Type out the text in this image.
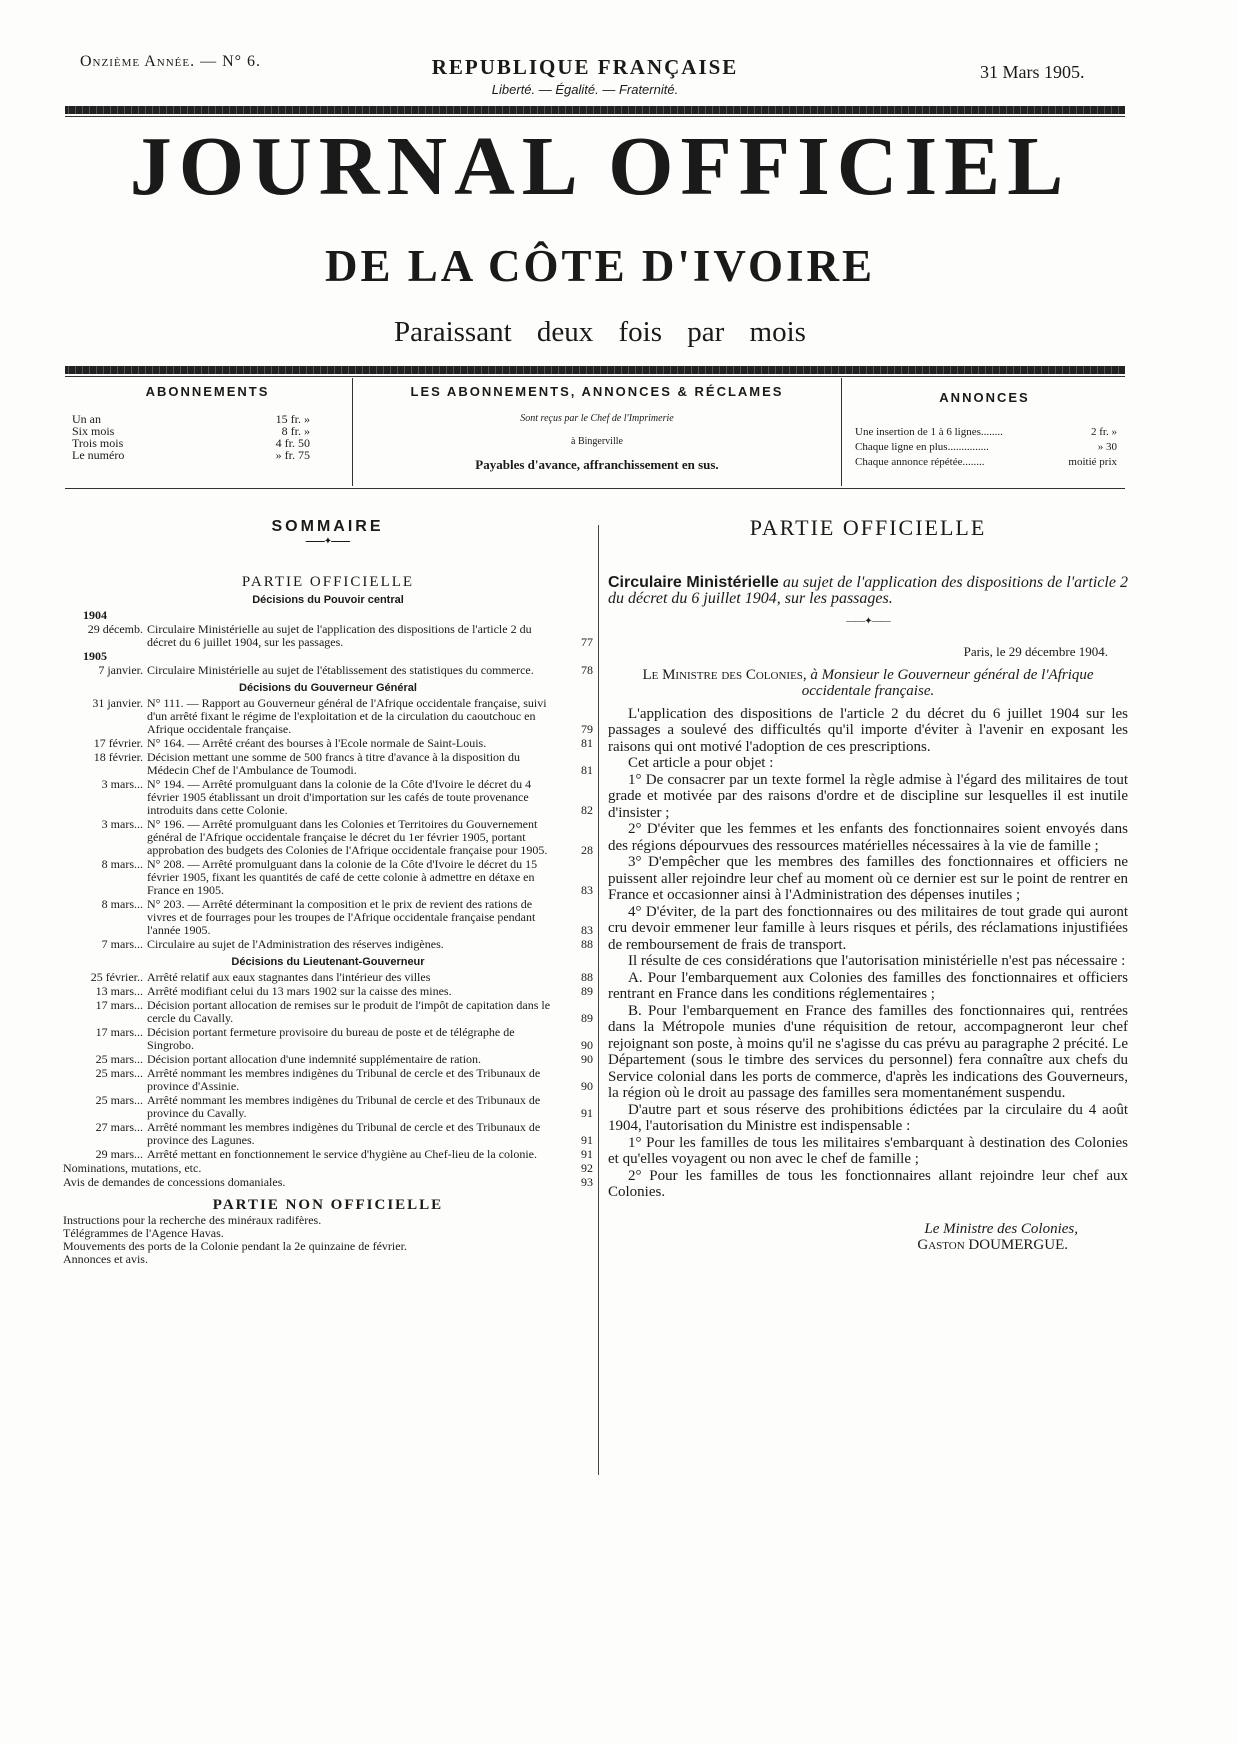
Onzième Année. — N° 6.	REPUBLIQUE FRANÇAISE
Liberté. — Égalité. — Fraternité.
31 Mars 1905.
JOURNAL OFFICIEL
DE LA CÔTE D'IVOIRE
Paraissant deux fois par mois
ABONNEMENTS
Un an	15 fr. »
Six mois	8 fr. »
Trois mois	4 fr. 50
Le numéro	» fr. 75
LES ABONNEMENTS, ANNONCES & RÉCLAMES
Sont reçus par le Chef de l'Imprimerie
à Bingerville
Payables d'avance, affranchissement en sus.
ANNONCES
Une insertion de 1 à 6 lignes........	2 fr. »
Chaque ligne en plus...............	» 30
Chaque annonce répétée........	moitié prix
SOMMAIRE
——✦——
PARTIE OFFICIELLE
Décisions du Pouvoir central
1904
29 décemb. Circulaire Ministérielle au sujet de l'application des dispositions de l'article 2 du décret du 6 juillet 1904, sur les passages.	77
1905
7 janvier. Circulaire Ministérielle au sujet de l'établissement des statistiques du commerce.	78
Décisions du Gouverneur Général
31 janvier. N° 111. — Rapport au Gouverneur général de l'Afrique occidentale française, suivi d'un arrêté fixant le régime de l'exploitation et de la circulation du caoutchouc en Afrique occidentale française.	79
17 février. N° 164. — Arrêté créant des bourses à l'Ecole normale de Saint-Louis.	81
18 février. Décision mettant une somme de 500 francs à titre d'avance à la disposition du Médecin Chef de l'Ambulance de Toumodi.	81
3 mars... N° 194. — Arrêté promulguant dans la colonie de la Côte d'Ivoire le décret du 4 février 1905 établissant un droit d'importation sur les cafés de toute provenance introduits dans cette Colonie.	82
3 mars... N° 196. — Arrêté promulguant dans les Colonies et Territoires du Gouvernement général de l'Afrique occidentale française le décret du 1er février 1905, portant approbation des budgets des Colonies de l'Afrique occidentale française pour 1905.	28
8 mars... N° 208. — Arrêté promulguant dans la colonie de la Côte d'Ivoire le décret du 15 février 1905, fixant les quantités de café de cette colonie à admettre en détaxe en France en 1905.	83
8 mars... N° 203. — Arrêté déterminant la composition et le prix de revient des rations de vivres et de fourrages pour les troupes de l'Afrique occidentale française pendant l'année 1905.	83
7 mars... Circulaire au sujet de l'Administration des réserves indigènes.	88
Décisions du Lieutenant-Gouverneur
25 février.. Arrêté relatif aux eaux stagnantes dans l'intérieur des villes	88
13 mars... Arrêté modifiant celui du 13 mars 1902 sur la caisse des mines.	89
17 mars... Décision portant allocation de remises sur le produit de l'impôt de capitation dans le cercle du Cavally.	89
17 mars... Décision portant fermeture provisoire du bureau de poste et de télégraphe de Singrobo.	90
25 mars... Décision portant allocation d'une indemnité supplémentaire de ration.	90
25 mars... Arrêté nommant les membres indigènes du Tribunal de cercle et des Tribunaux de province d'Assinie.	90
25 mars... Arrêté nommant les membres indigènes du Tribunal de cercle et des Tribunaux de province du Cavally.	91
27 mars... Arrêté nommant les membres indigènes du Tribunal de cercle et des Tribunaux de province des Lagunes.	91
29 mars... Arrêté mettant en fonctionnement le service d'hygiène au Chef-lieu de la colonie.	91
Nominations, mutations, etc.	92
Avis de demandes de concessions domaniales.	93
PARTIE NON OFFICIELLE
Instructions pour la recherche des minéraux radifères.
Télégrammes de l'Agence Havas.
Mouvements des ports de la Colonie pendant la 2e quinzaine de février.
Annonces et avis.
PARTIE OFFICIELLE
Circulaire Ministérielle au sujet de l'application des dispositions de l'article 2 du décret du 6 juillet 1904, sur les passages.
——✦——
Paris, le 29 décembre 1904.
Le Ministre des Colonies, à Monsieur le Gouverneur général de l'Afrique occidentale française.

L'application des dispositions de l'article 2 du décret du 6 juillet 1904 sur les passages a soulevé des difficultés qu'il importe d'éviter à l'avenir en exposant les raisons qui ont motivé l'adoption de ces prescriptions.

Cet article a pour objet :

1° De consacrer par un texte formel la règle admise à l'égard des militaires de tout grade et motivée par des raisons d'ordre et de discipline sur lesquelles il est inutile d'insister ;

2° D'éviter que les femmes et les enfants des fonctionnaires soient envoyés dans des régions dépourvues des ressources matérielles nécessaires à la vie de famille ;

3° D'empêcher que les membres des familles des fonctionnaires et officiers ne puissent aller rejoindre leur chef au moment où ce dernier est sur le point de rentrer en France et occasionner ainsi à l'Administration des dépenses inutiles ;

4° D'éviter, de la part des fonctionnaires ou des militaires de tout grade qui auront cru devoir emmener leur famille à leurs risques et périls, des réclamations injustifiées de remboursement de frais de transport.

Il résulte de ces considérations que l'autorisation ministérielle n'est pas nécessaire :

A. Pour l'embarquement aux Colonies des familles des fonctionnaires et officiers rentrant en France dans les conditions réglementaires ;

B. Pour l'embarquement en France des familles des fonctionnaires qui, rentrées dans la Métropole munies d'une réquisition de retour, accompagneront leur chef rejoignant son poste, à moins qu'il ne s'agisse du cas prévu au paragraphe 2 précité. Le Département (sous le timbre des services du personnel) fera connaître aux chefs du Service colonial dans les ports de commerce, d'après les indications des Gouverneurs, la région où le droit au passage des familles sera momentanément suspendu.

D'autre part et sous réserve des prohibitions édictées par la circulaire du 4 août 1904, l'autorisation du Ministre est indispensable :

1° Pour les familles de tous les militaires s'embarquant à destination des Colonies et qu'elles voyagent ou non avec le chef de famille ;

2° Pour les familles de tous les fonctionnaires allant rejoindre leur chef aux Colonies.

Le Ministre des Colonies,
Gaston DOUMERGUE.
